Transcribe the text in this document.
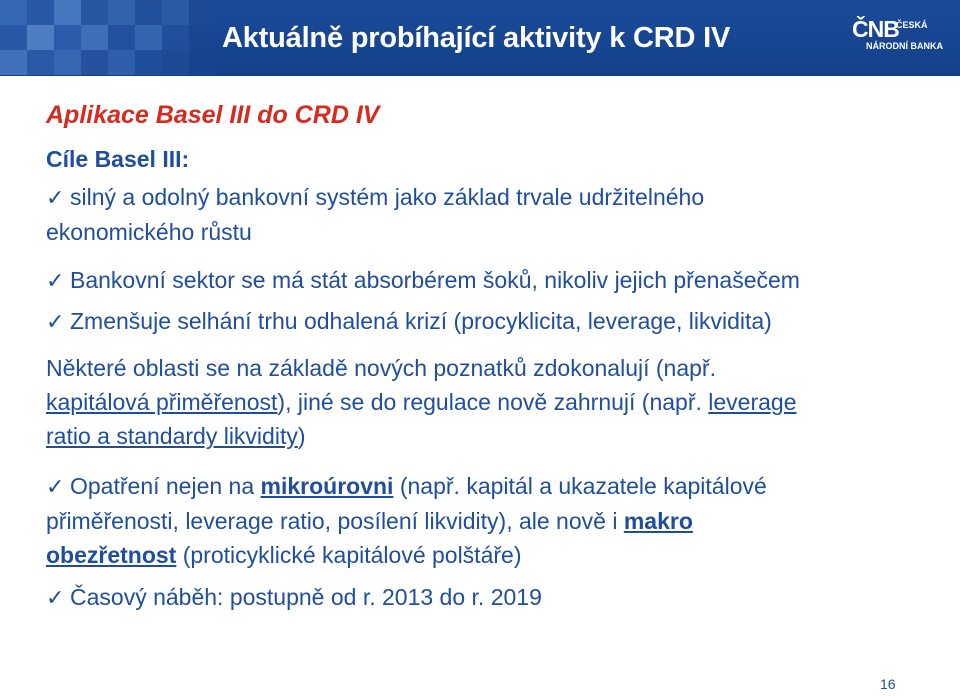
Aktuálně probíhající aktivity k CRD IV	ČNB
ČESKÁ
NÁRODNÍ BANKA
Aplikace Basel III do CRD IV
Cíle Basel III:
✓ silný a odolný bankovní systém jako základ trvale udržitelného
ekonomického růstu
✓ Bankovní sektor se má stát absorbérem šoků, nikoliv jejich přenašečem
✓ Zmenšuje selhání trhu odhalená krizí (procyklicita, leverage, likvidita)
Některé oblasti se na základě nových poznatků zdokonalují (např.
kapitálová přiměřenost), jiné se do regulace nově zahrnují (např. leverage
ratio a standardy likvidity)
✓ Opatření nejen na mikroúrovni (např. kapitál a ukazatele kapitálové
přiměřenosti, leverage ratio, posílení likvidity), ale nově i makro
obezřetnost (proticyklické kapitálové polštáře)
✓ Časový náběh: postupně od r. 2013 do r. 2019
16
